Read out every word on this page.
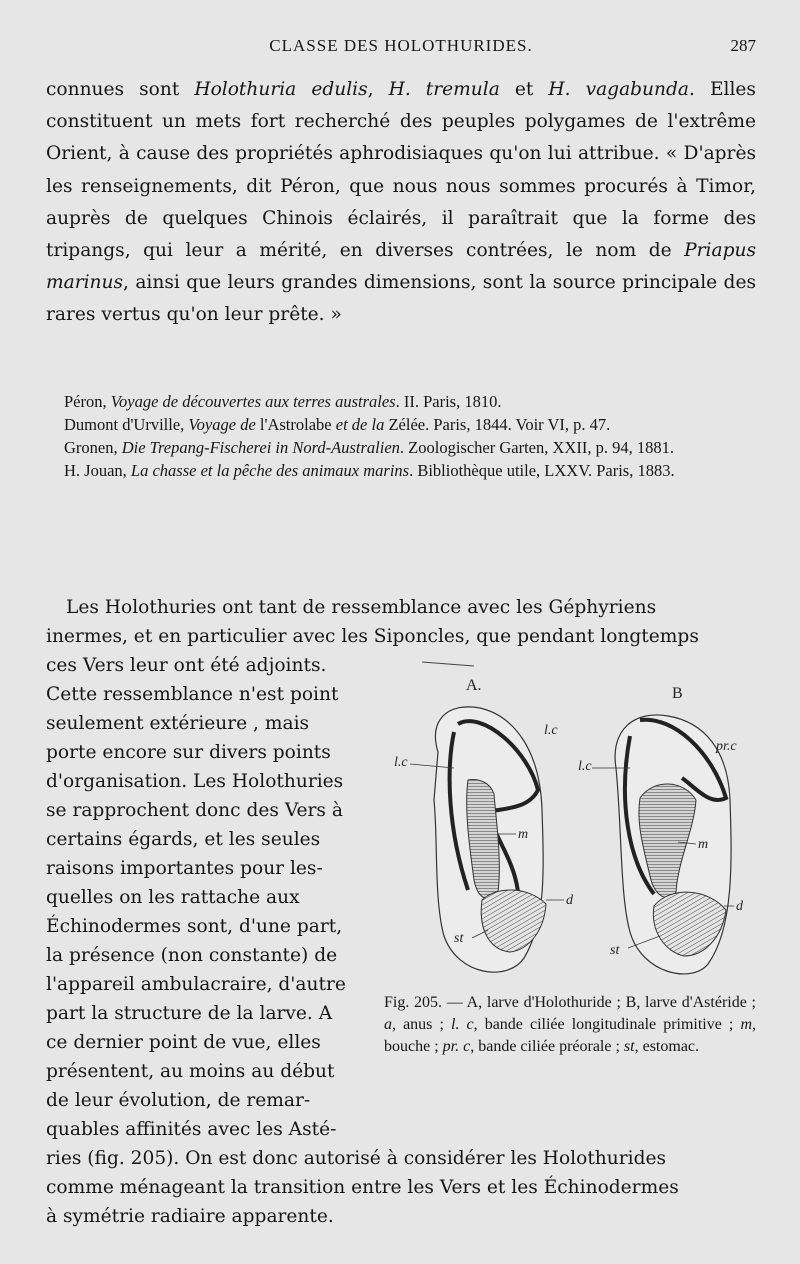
CLASSE DES HOLOTHURIDES.	287

connues sont Holothuria edulis, H. tremula et H. vagabunda. Elles constituent un mets fort recherché des peuples polygames de l'extrême Orient, à cause des propriétés aphrodisiaques qu'on lui attribue. « D'après les renseignements, dit Péron, que nous nous sommes procurés à Timor, auprès de quelques Chinois éclairés, il paraîtrait que la forme des tripangs, qui leur a mérité, en diverses contrées, le nom de Priapus marinus, ainsi que leurs grandes dimensions, sont la source principale des rares vertus qu'on leur prête. »

Péron, Voyage de découvertes aux terres australes. II. Paris, 1810.

Dumont d'Urville, Voyage de l'Astrolabe et de la Zélée. Paris, 1844. Voir VI, p. 47.

Gronen, Die Trepang-Fischerei in Nord-Australien. Zoologischer Garten, XXII, p. 94, 1881.

H. Jouan, La chasse et la pêche des animaux marins. Bibliothèque utile, LXXV. Paris, 1883.

Les Holothuries ont tant de ressemblance avec les Géphyriens
inermes, et en particulier avec les Siponcles, que pendant longtemps
ces Vers leur ont été adjoints.
Cette ressemblance n'est point
seulement extérieure , mais
porte encore sur divers points
d'organisation. Les Holothuries
se rapprochent donc des Vers à
certains égards, et les seules
raisons importantes pour les-
quelles on les rattache aux
Échinodermes sont, d'une part,
la présence (non constante) de
l'appareil ambulacraire, d'autre
part la structure de la larve. A
ce dernier point de vue, elles
présentent, au moins au début
de leur évolution, de remar-
quables affinités avec les Asté-
ries (fig. 205). On est donc autorisé à considérer les Holothurides
comme ménageant la transition entre les Vers et les Échinodermes
à symétrie radiaire apparente.
A.
l.c
l.c
m
d
st
B
pr.c
l.c
m
d
st
Fig. 205. — A, larve d'Holothuride ; B, larve d'Astéride ; a, anus ; l. c, bande ciliée longitudinale primitive ; m, bouche ; pr. c, bande ciliée préorale ; st, estomac.
